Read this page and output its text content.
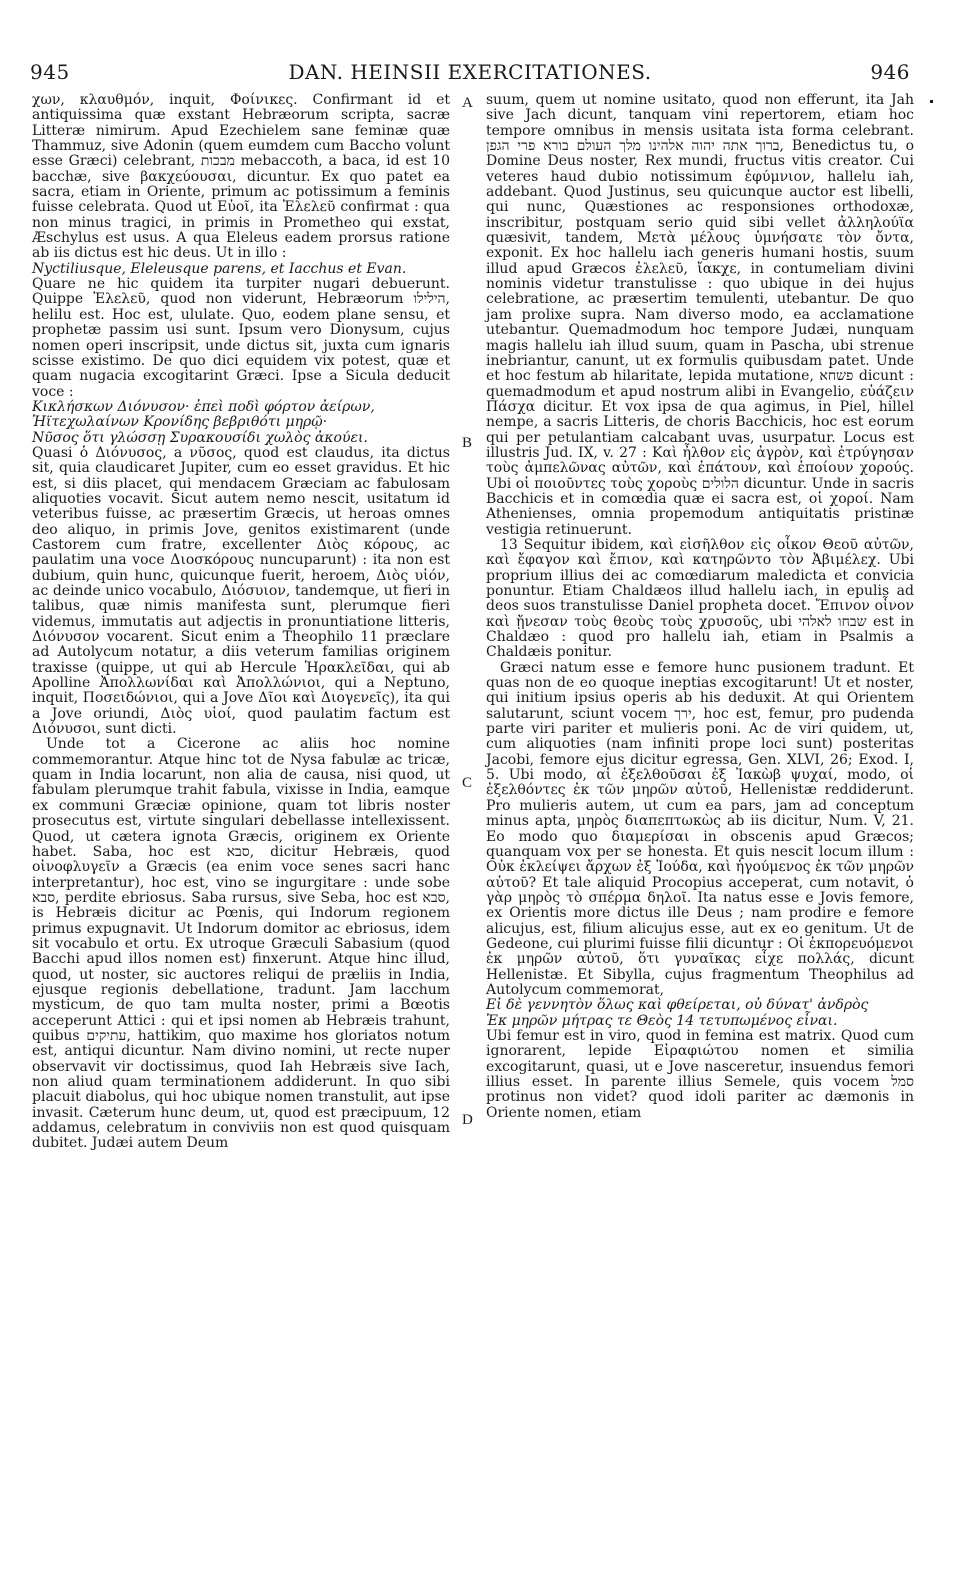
945	DAN. HEINSII EXERCITATIONES.	946
A
B
C
D

χων, κλαυθμόν, inquit, Φοίνικες. Confirmant id et antiquissima quæ exstant Hebræorum scripta, sacræ Litteræ nimirum. Apud Ezechielem sane feminæ quæ Thammuz, sive Adonin (quem eumdem cum Baccho volunt esse Græci) celebrant, מבכות mebaccoth, a baca, id est 10 bacchæ, sive βακχεύουσαι, dicuntur. Ex quo patet ea sacra, etiam in Oriente, primum ac potissimum a feminis fuisse celebrata. Quod ut Εὐοῖ, ita Ἐλελεῦ confirmat : qua non minus tragici, in primis in Prometheo qui exstat, Æschylus est usus. A qua Eleleus eadem prorsus ratione ab iis dictus est hic deus. Ut in illo :

Nyctiliusque, Eleleusque parens, et Iacchus et Evan.

Quare ne hic quidem ita turpiter nugari debuerunt. Quippe Ἐλελεῦ, quod non viderunt, Hebræorum הילילו, helilu est. Hoc est, ululate. Quo, eodem plane sensu, et prophetæ passim usi sunt. Ipsum vero Dionysum, cujus nomen operi inscripsit, unde dictus sit, juxta cum ignaris scisse existimo. De quo dici equidem vix potest, quæ et quam nugacia excogitarint Græci. Ipse a Sicula deducit voce :

Κικλήσκων Διόνυσον· ἐπεὶ ποδὶ φόρτον ἀείρων,

Ἠϊτεχωλαίνων Κρονίδης βεβριθότι μηρῷ·

Νῦσος ὅτι γλώσσῃ Συρακουσίδι χωλὸς ἀκούει.

Quasi ὁ Διόνυσος, a νῦσος, quod est claudus, ita dictus sit, quia claudicaret Jupiter, cum eo esset gravidus. Et hic est, si diis placet, qui mendacem Græciam ac fabulosam aliquoties vocavit. Sicut autem nemo nescit, usitatum id veteribus fuisse, ac præsertim Græcis, ut heroas omnes deo aliquo, in primis Jove, genitos existimarent (unde Castorem cum fratre, excellenter Διὸς κόρους, ac paulatim una voce Διοσκόρους nuncuparunt) : ita non est dubium, quin hunc, quicunque fuerit, heroem, Διὸς υἱόν, ac deinde unico vocabulo, Διόσυιον, tandemque, ut fieri in talibus, quæ nimis manifesta sunt, plerumque fieri videmus, immutatis aut adjectis in pronuntiatione litteris, Διόνυσον vocarent. Sicut enim a Theophilo 11 præclare ad Autolycum notatur, a diis veterum familias originem traxisse (quippe, ut qui ab Hercule Ἡρακλεῖδαι, qui ab Apolline Ἀπολλωνίδαι καὶ Ἀπολλώνιοι, qui a Neptuno, inquit, Ποσειδώνιοι, qui a Jove Δῖοι καὶ Διογενεῖς), ita qui a Jove oriundi, Διὸς υἱοί, quod paulatim factum est Διόνυσοι, sunt dicti.

Unde tot a Cicerone ac aliis hoc nomine commemorantur. Atque hinc tot de Nysa fabulæ ac tricæ, quam in India locarunt, non alia de causa, nisi quod, ut fabulam plerumque trahit fabula, vixisse in India, eamque ex communi Græciæ opinione, quam tot libris noster prosecutus est, virtute singulari debellasse intellexissent. Quod, ut cætera ignota Græcis, originem ex Oriente habet. Saba, hoc est סבא, dicitur Hebræis, quod οἰνοφλυγεῖν a Græcis (ea enim voce senes sacri hanc interpretantur), hoc est, vino se ingurgitare : unde sobe סבא, perdite ebriosus. Saba rursus, sive Seba, hoc est סבא, is Hebræis dicitur ac Pœnis, qui Indorum regionem primus expugnavit. Ut Indorum domitor ac ebriosus, idem sit vocabulo et ortu. Ex utroque Græculi Sabasium (quod Bacchi apud illos nomen est) finxerunt. Atque hinc illud, quod, ut noster, sic auctores reliqui de præliis in India, ejusque regionis debellatione, tradunt. Jam lacchum mysticum, de quo tam multa noster, primi a Bœotis acceperunt Attici : qui et ipsi nomen ab Hebræis trahunt, quibus עתיקים, hattikim, quo maxime hos gloriatos notum est, antiqui dicuntur. Nam divino nomini, ut recte nuper observavit vir doctissimus, quod Iah Hebræis sive Iach, non aliud quam terminationem addiderunt. In quo sibi placuit diabolus, qui hoc ubique nomen transtulit, aut ipse invasit. Cæterum hunc deum, ut, quod est præcipuum, 12 addamus, celebratum in conviviis non est quod quisquam dubitet. Judæi autem Deum

suum, quem ut nomine usitato, quod non efferunt, ita Jah sive Jach dicunt, tanquam vini repertorem, etiam hoc tempore omnibus in mensis usitata ista forma celebrant. ברוך אתה יהוה אלהינו מלך העולם בורא פרי הגפן, Benedictus tu, o Domine Deus noster, Rex mundi, fructus vitis creator. Cui veteres haud dubio notissimum ἐφύμνιον, hallelu iah, addebant. Quod Justinus, seu quicunque auctor est libelli, qui nunc, Quæstiones ac responsiones orthodoxæ, inscribitur, postquam serio quid sibi vellet ἀλληλούϊα quæsivit, tandem, Μετὰ μέλους ὑμνήσατε τὸν ὄντα, exponit. Ex hoc hallelu iach generis humani hostis, suum illud apud Græcos ἐλελεῦ, ἴακχε, in contumeliam divini nominis videtur transtulisse : quo ubique in dei hujus celebratione, ac præsertim temulenti, utebantur. De quo jam prolixe supra. Nam diverso modo, ea acclamatione utebantur. Quemadmodum hoc tempore Judæi, nunquam magis hallelu iah illud suum, quam in Pascha, ubi strenue inebriantur, canunt, ut ex formulis quibusdam patet. Unde et hoc festum ab hilaritate, lepida mutatione, פשחא dicunt : quemadmodum et apud nostrum alibi in Evangelio, εὐάζειν Πάσχα dicitur. Et vox ipsa de qua agimus, in Piel, hillel nempe, a sacris Litteris, de choris Bacchicis, hoc est eorum qui per petulantiam calcabant uvas, usurpatur. Locus est illustris Jud. IX, v. 27 : Καὶ ἦλθον εἰς ἀγρὸν, καὶ ἐτρύγησαν τοὺς ἀμπελῶνας αὐτῶν, καὶ ἐπάτουν, καὶ ἐποίουν χορούς. Ubi οἱ ποιοῦντες τοὺς χοροὺς הלולים dicuntur. Unde in sacris Bacchicis et in comœdia quæ ei sacra est, οἱ χοροί. Nam Athenienses, omnia propemodum antiquitatis pristinæ vestigia retinuerunt.

13 Sequitur ibidem, καὶ εἰσῆλθον εἰς οἶκον Θεοῦ αὐτῶν, καὶ ἔφαγον καὶ ἔπιον, καὶ κατηρῶντο τὸν Ἀβιμέλεχ. Ubi proprium illius dei ac comœdiarum maledicta et convicia ponuntur. Etiam Chaldæos illud hallelu iach, in epulis ad deos suos transtulisse Daniel propheta docet. Ἔπινον οἶνον καὶ ᾔνεσαν τοὺς θεοὺς τοὺς χρυσοῦς, ubi שבחו לאלהי est in Chaldæo : quod pro hallelu iah, etiam in Psalmis a Chaldæis ponitur.

Græci natum esse e femore hunc pusionem tradunt. Et quas non de eo quoque ineptias excogitarunt! Ut et noster, qui initium ipsius operis ab his deduxit. At qui Orientem salutarunt, sciunt vocem ירך, hoc est, femur, pro pudenda parte viri pariter et mulieris poni. Ac de viri quidem, ut, cum aliquoties (nam infiniti prope loci sunt) posteritas Jacobi, femore ejus dicitur egressa, Gen. XLVI, 26; Exod. I, 5. Ubi modo, αἱ ἐξελθοῦσαι ἐξ Ἰακὼβ ψυχαί, modo, οἱ ἐξελθόντες ἐκ τῶν μηρῶν αὐτοῦ, Hellenistæ reddiderunt. Pro mulieris autem, ut cum ea pars, jam ad conceptum minus apta, μηρὸς διαπεπτωκὼς ab iis dicitur, Num. V, 21. Eo modo quo διαμερίσαι in obscenis apud Græcos; quanquam vox per se honesta. Et quis nescit locum illum : Οὐκ ἐκλείψει ἄρχων ἐξ Ἰούδα, καὶ ἡγούμενος ἐκ τῶν μηρῶν αὐτοῦ? Et tale aliquid Procopius acceperat, cum notavit, ὁ γὰρ μηρὸς τὸ σπέρμα δηλοῖ. Ita natus esse e Jovis femore, ex Orientis more dictus ille Deus ; nam prodire e femore alicujus, est, filium alicujus esse, aut ex eo genitum. Ut de Gedeone, cui plurimi fuisse filii dicuntur : Οἱ ἐκπορευόμενοι ἐκ μηρῶν αὐτοῦ, ὅτι γυναῖκας εἶχε πολλάς, dicunt Hellenistæ. Et Sibylla, cujus fragmentum Theophilus ad Autolycum commemorat,

Εἰ δὲ γεννητὸν ὅλως καὶ φθείρεται, οὐ δύνατ' ἀνδρὸς

Ἐκ μηρῶν μήτρας τε Θεὸς 14 τετυπωμένος εἶναι.

Ubi femur est in viro, quod in femina est matrix. Quod cum ignorarent, lepide Εἰραφιώτου nomen et similia excogitarunt, quasi, ut e Jove nasceretur, insuendus femori illius esset. In parente illius Semele, quis vocem סמל protinus non videt? quod idoli pariter ac dæmonis in Oriente nomen, etiam
